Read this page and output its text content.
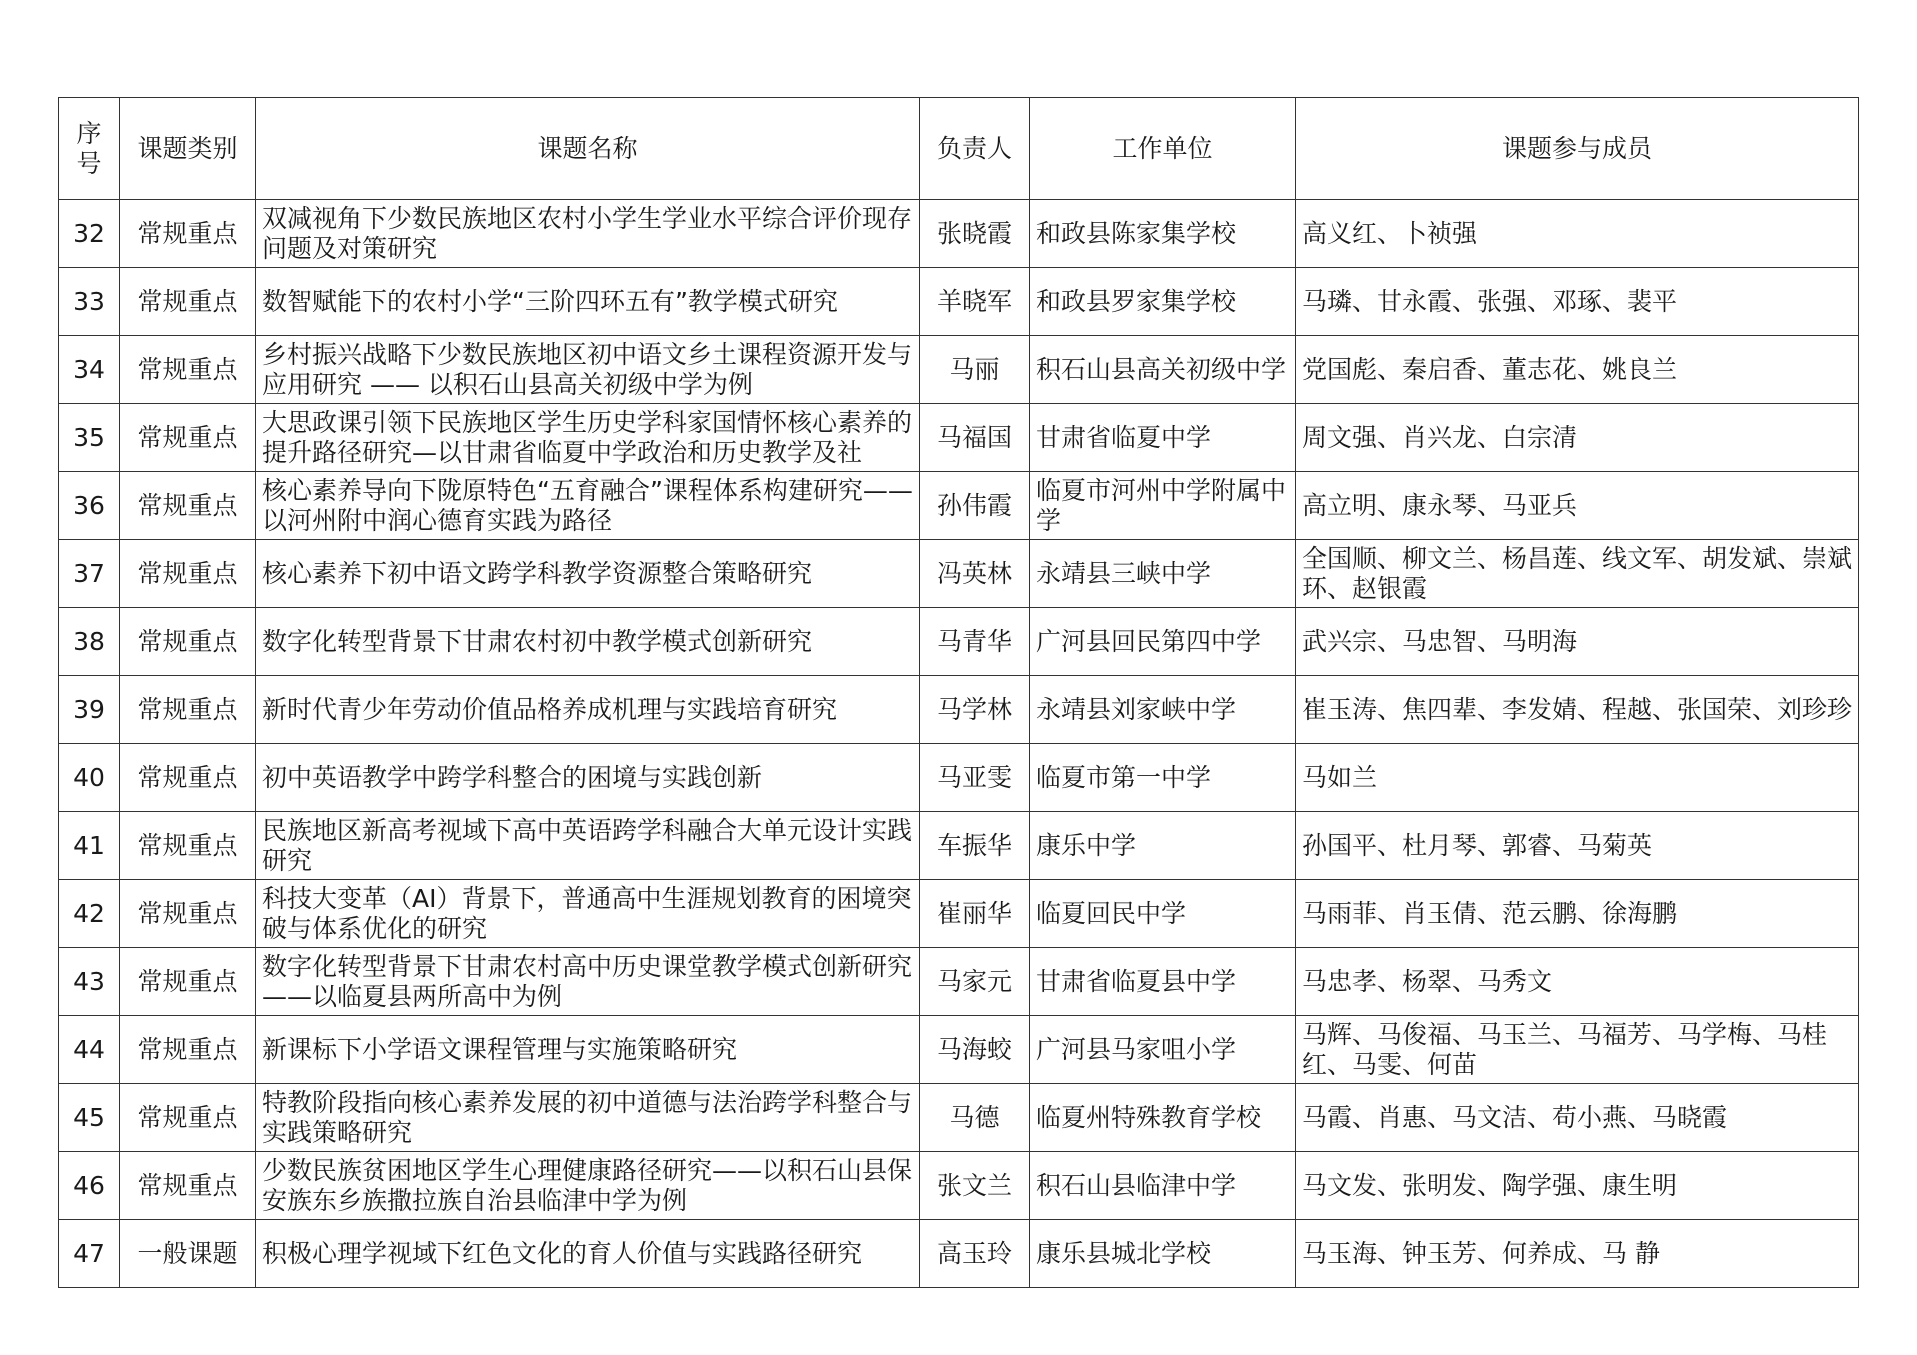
序号	课题类别	课题名称	负责人	工作单位	课题参与成员
32	常规重点	双减视角下少数民族地区农村小学生学业水平综合评价现存问题及对策研究	张晓霞	和政县陈家集学校	高义红、卜祯强
33	常规重点	数智赋能下的农村小学“三阶四环五有”教学模式研究	羊晓军	和政县罗家集学校	马璘、甘永霞、张强、邓琢、裴平
34	常规重点	乡村振兴战略下少数民族地区初中语文乡土课程资源开发与应用研究 —— 以积石山县高关初级中学为例	马丽	积石山县高关初级中学	党国彪、秦启香、董志花、姚良兰
35	常规重点	大思政课引领下民族地区学生历史学科家国情怀核心素养的提升路径研究—以甘肃省临夏中学政治和历史教学及社	马福国	甘肃省临夏中学	周文强、肖兴龙、白宗清
36	常规重点	核心素养导向下陇原特色“五育融合”课程体系构建研究——以河州附中润心德育实践为路径	孙伟霞	临夏市河州中学附属中学	高立明、康永琴、马亚兵
37	常规重点	核心素养下初中语文跨学科教学资源整合策略研究	冯英林	永靖县三峡中学	全国顺、柳文兰、杨昌莲、线文军、胡发斌、崇斌环、赵银霞
38	常规重点	数字化转型背景下甘肃农村初中教学模式创新研究	马青华	广河县回民第四中学	武兴宗、马忠智、马明海
39	常规重点	新时代青少年劳动价值品格养成机理与实践培育研究	马学林	永靖县刘家峡中学	崔玉涛、焦四辈、李发婧、程越、张国荣、刘珍珍
40	常规重点	初中英语教学中跨学科整合的困境与实践创新	马亚雯	临夏市第一中学	马如兰
41	常规重点	民族地区新高考视域下高中英语跨学科融合大单元设计实践研究	车振华	康乐中学	孙国平、杜月琴、郭睿、马菊英
42	常规重点	科技大变革（AI）背景下，普通高中生涯规划教育的困境突破与体系优化的研究	崔丽华	临夏回民中学	马雨菲、肖玉倩、范云鹏、徐海鹏
43	常规重点	数字化转型背景下甘肃农村高中历史课堂教学模式创新研究——以临夏县两所高中为例	马家元	甘肃省临夏县中学	马忠孝、杨翠、马秀文
44	常规重点	新课标下小学语文课程管理与实施策略研究	马海蛟	广河县马家咀小学	马辉、马俊福、马玉兰、马福芳、马学梅、马桂红、马雯、何苗
45	常规重点	特教阶段指向核心素养发展的初中道德与法治跨学科整合与实践策略研究	马德	临夏州特殊教育学校	马霞、肖惠、马文洁、苟小燕、马晓霞
46	常规重点	少数民族贫困地区学生心理健康路径研究——以积石山县保安族东乡族撒拉族自治县临津中学为例	张文兰	积石山县临津中学	马文发、张明发、陶学强、康生明
47	一般课题	积极心理学视域下红色文化的育人价值与实践路径研究	高玉玲	康乐县城北学校	马玉海、钟玉芳、何养成、马 静
